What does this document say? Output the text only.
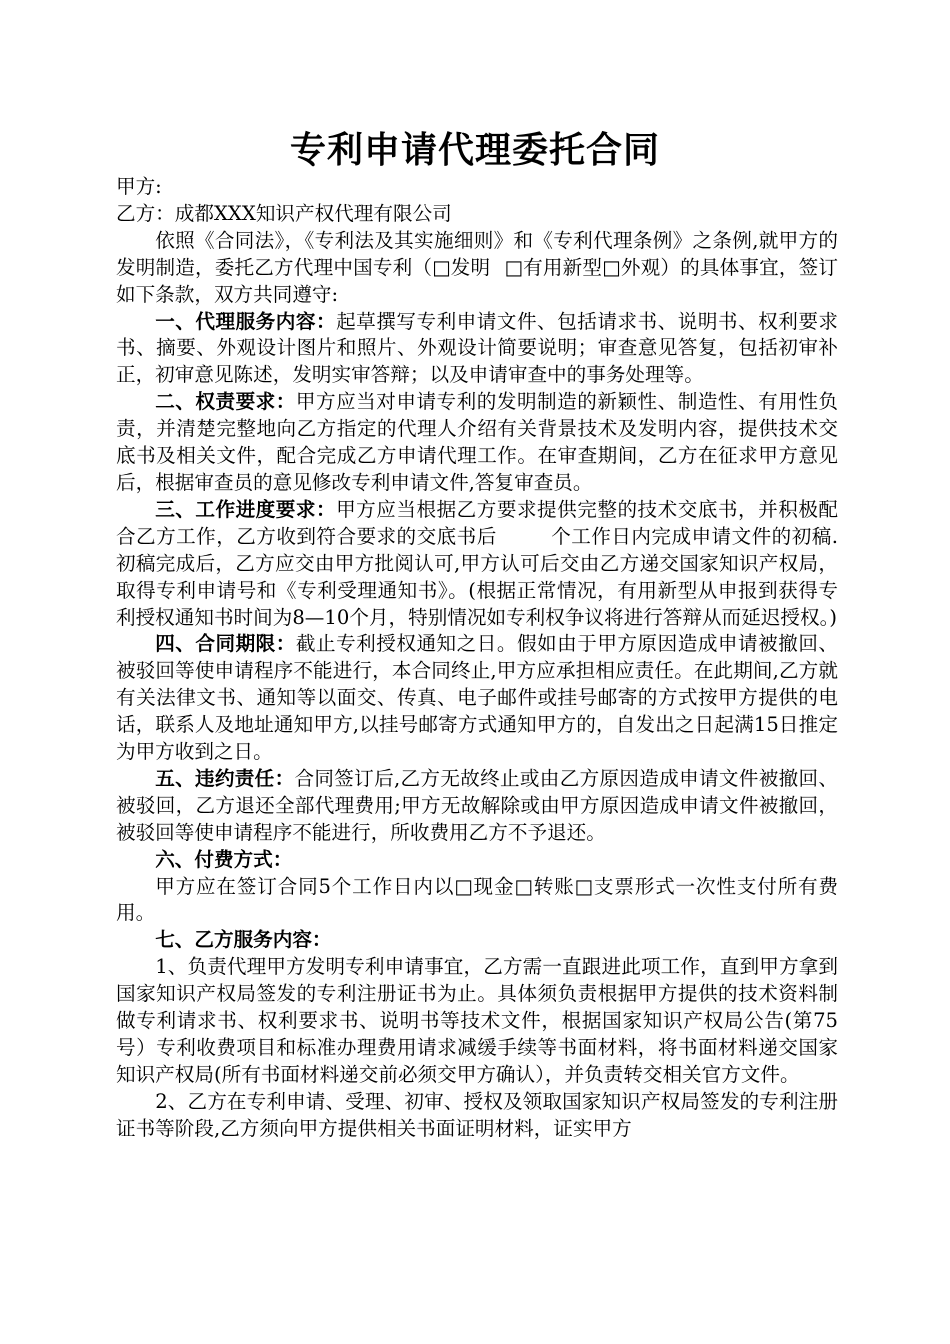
专利申请代理委托合同

甲方:

乙方：成都XXX知识产权代理有限公司

依照《合同法》，《专利法及其实施细则》和《专利代理条例》之条例,就甲方的发明制造，委托乙方代理中国专利（□发明 □有用新型□外观）的具体事宜，签订如下条款，双方共同遵守:

一、代理服务内容：起草撰写专利申请文件、包括请求书、说明书、权利要求书、摘要、外观设计图片和照片、外观设计简要说明；审查意见答复，包括初审补正，初审意见陈述，发明实审答辩；以及申请审查中的事务处理等。

二、权责要求：甲方应当对申请专利的发明制造的新颖性、制造性、有用性负责，并清楚完整地向乙方指定的代理人介绍有关背景技术及发明内容，提供技术交底书及相关文件，配合完成乙方申请代理工作。在审查期间，乙方在征求甲方意见后，根据审查员的意见修改专利申请文件,答复审查员。

三、工作进度要求：甲方应当根据乙方要求提供完整的技术交底书，并积极配合乙方工作，乙方收到符合要求的交底书后	个工作日内完成申请文件的初稿.初稿完成后，乙方应交由甲方批阅认可,甲方认可后交由乙方递交国家知识产权局，取得专利申请号和《专利受理通知书》。(根据正常情况，有用新型从申报到获得专利授权通知书时间为8—10个月，特别情况如专利权争议将进行答辩从而延迟授权。)

四、合同期限：截止专利授权通知之日。假如由于甲方原因造成申请被撤回、被驳回等使申请程序不能进行，本合同终止,甲方应承担相应责任。在此期间,乙方就有关法律文书、通知等以面交、传真、电子邮件或挂号邮寄的方式按甲方提供的电话，联系人及地址通知甲方,以挂号邮寄方式通知甲方的，自发出之日起满15日推定为甲方收到之日。

五、违约责任：合同签订后,乙方无故终止或由乙方原因造成申请文件被撤回、被驳回，乙方退还全部代理费用;甲方无故解除或由甲方原因造成申请文件被撤回，被驳回等使申请程序不能进行，所收费用乙方不予退还。

六、付费方式：

甲方应在签订合同5个工作日内以□现金□转账□支票形式一次性支付所有费用。

七、乙方服务内容：

1、负责代理甲方发明专利申请事宜，乙方需一直跟进此项工作，直到甲方拿到国家知识产权局签发的专利注册证书为止。具体须负责根据甲方提供的技术资料制做专利请求书、权利要求书、说明书等技术文件，根据国家知识产权局公告(第75号）专利收费项目和标准办理费用请求减缓手续等书面材料，将书面材料递交国家知识产权局(所有书面材料递交前必须交甲方确认），并负责转交相关官方文件。

2、乙方在专利申请、受理、初审、授权及领取国家知识产权局签发的专利注册证书等阶段,乙方须向甲方提供相关书面证明材料，证实甲方
